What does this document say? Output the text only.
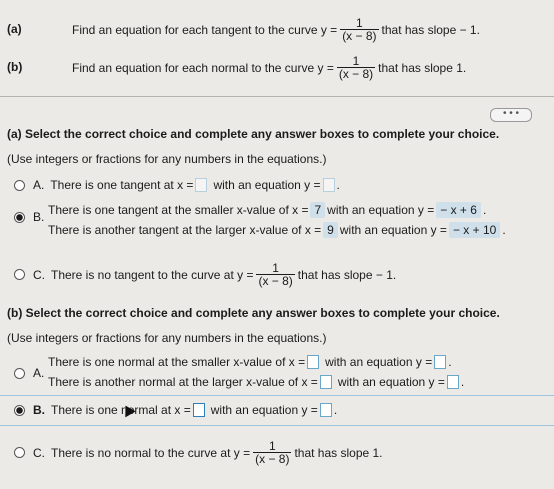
(a)	Find an equation for each tangent to the curve $y = \frac{1}{(x - 8)}$ that has slope − 1.
(b)	Find an equation for each normal to the curve $y = \frac{1}{(x - 8)}$ that has slope 1.
• • •
(a) Select the correct choice and complete any answer boxes to complete your choice.
(Use integers or fractions for any numbers in the equations.)
A. There is one tangent at x = with an equation y = .
B. There is one tangent at the smaller x-value of x = 7 with an equation y = − x + 6 .
There is another tangent at the larger x-value of x = 9 with an equation y = − x + 10 .
C. There is no tangent to the curve at $y = \frac{1}{(x - 8)}$ that has slope − 1.
(b) Select the correct choice and complete any answer boxes to complete your choice.
(Use integers or fractions for any numbers in the equations.)
A.
There is one normal at the smaller x-value of x = with an equation y = .
There is another normal at the larger x-value of x = with an equation y = .
B. There is one normal at x = with an equation y = .
C. There is no normal to the curve at $y = \frac{1}{(x - 8)}$ that has slope 1.
